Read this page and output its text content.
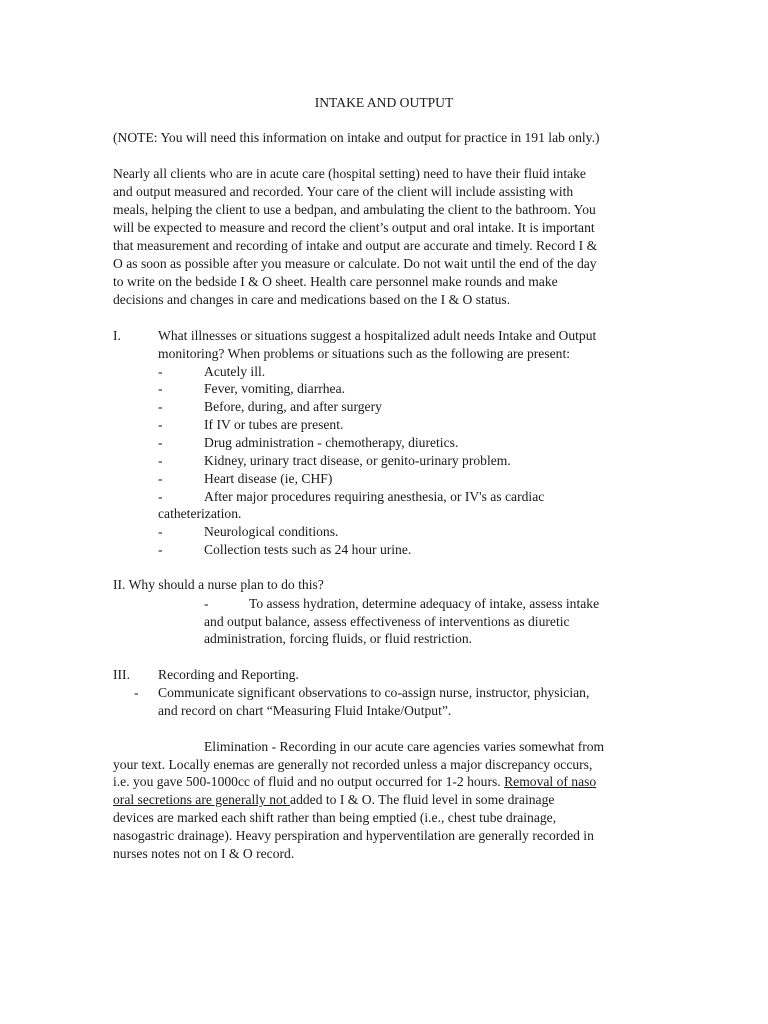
INTAKE AND OUTPUT
(NOTE: You will need this information on intake and output for practice in 191 lab only.)
Nearly all clients who are in acute care (hospital setting) need to have their fluid intake
and output measured and recorded. Your care of the client will include assisting with
meals, helping the client to use a bedpan, and ambulating the client to the bathroom. You
will be expected to measure and record the client’s output and oral intake. It is important
that measurement and recording of intake and output are accurate and timely. Record I &
O as soon as possible after you measure or calculate. Do not wait until the end of the day
to write on the bedside I & O sheet. Health care personnel make rounds and make
decisions and changes in care and medications based on the I & O status.
I.	What illnesses or situations suggest a hospitalized adult needs Intake and Output
monitoring? When problems or situations such as the following are present:
-	Acutely ill.
-	Fever, vomiting, diarrhea.
-	Before, during, and after surgery
-	If IV or tubes are present.
-	Drug administration - chemotherapy, diuretics.
-	Kidney, urinary tract disease, or genito-urinary problem.
-	Heart disease (ie, CHF)
-	After major procedures requiring anesthesia, or IV's as cardiac
catheterization.
-	Neurological conditions.
-	Collection tests such as 24 hour urine.
II. Why should a nurse plan to do this?
-	To assess hydration, determine adequacy of intake, assess intake
and output balance, assess effectiveness of interventions as diuretic
administration, forcing fluids, or fluid restriction.
III. Recording and Reporting.
- Communicate significant observations to co-assign nurse, instructor, physician,
and record on chart “Measuring Fluid Intake/Output”.
Elimination - Recording in our acute care agencies varies somewhat from
your text. Locally enemas are generally not recorded unless a major discrepancy occurs,
i.e. you gave 500-1000cc of fluid and no output occurred for 1-2 hours. Removal of naso
oral secretions are generally not added to I & O. The fluid level in some drainage
devices are marked each shift rather than being emptied (i.e., chest tube drainage,
nasogastric drainage). Heavy perspiration and hyperventilation are generally recorded in
nurses notes not on I & O record.
